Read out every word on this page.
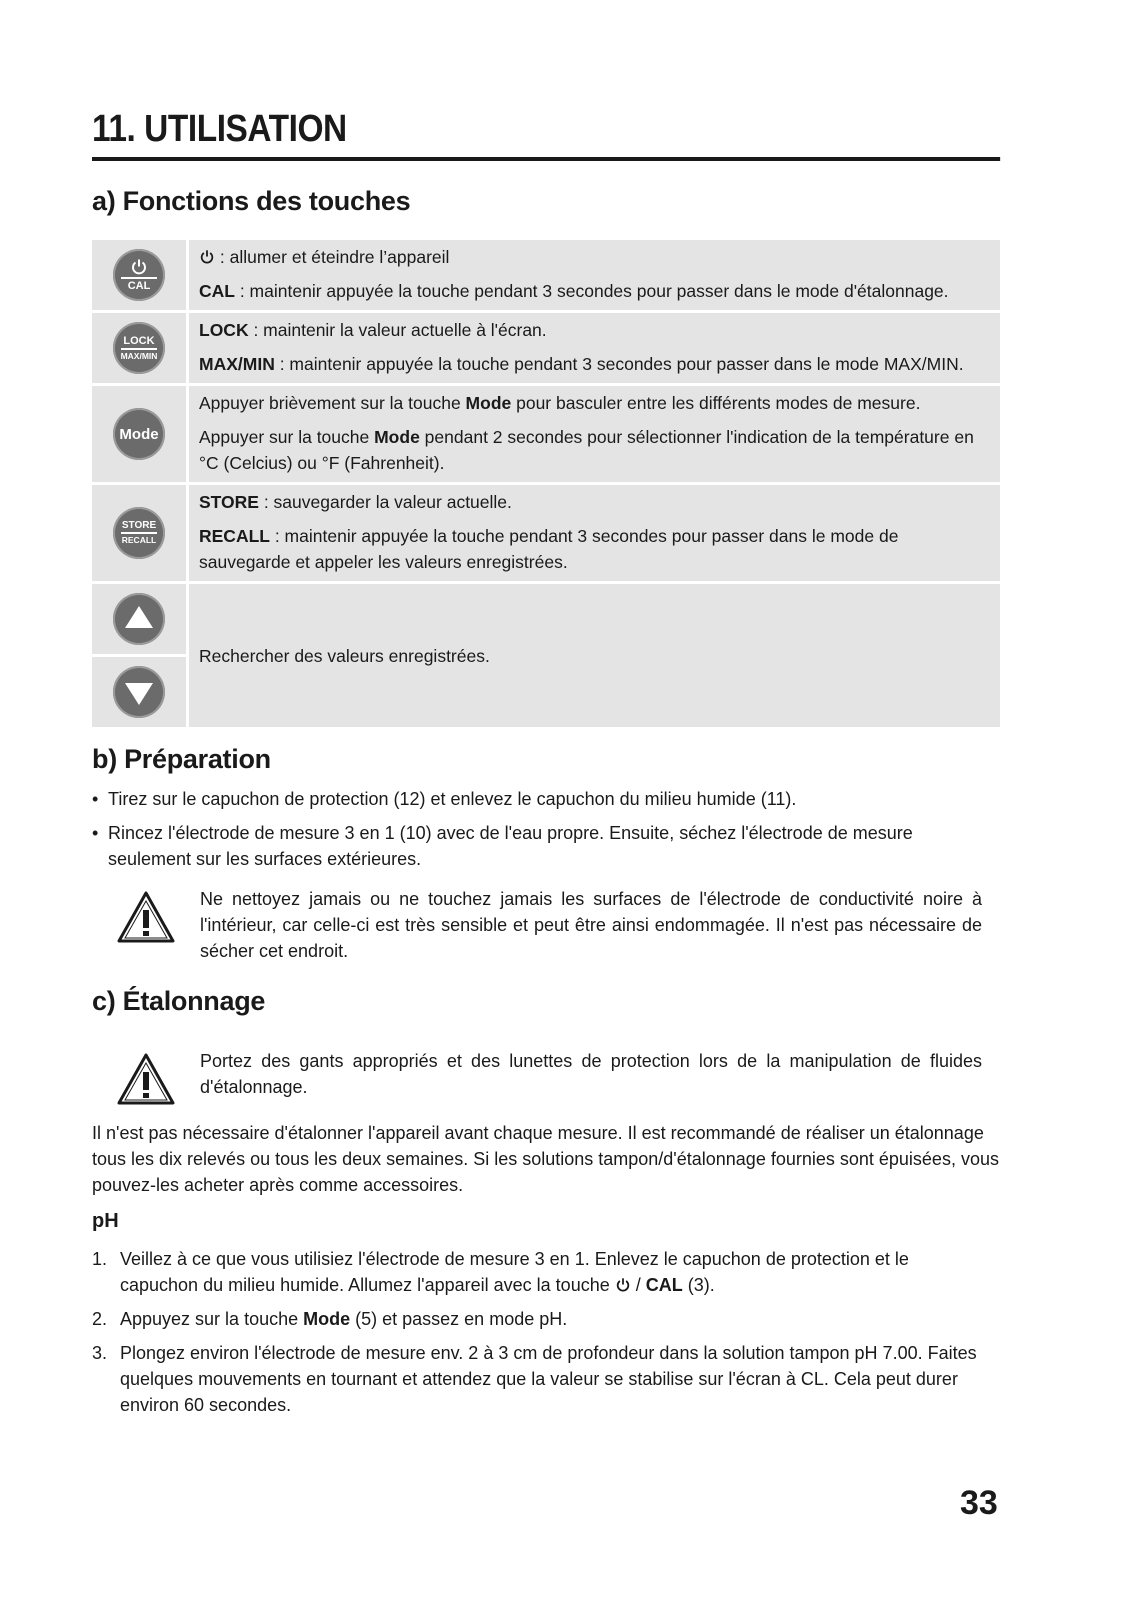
11. UTILISATION
a) Fonctions des touches
CAL

: allumer et éteindre l’appareil

CAL : maintenir appuyée la touche pendant 3 secondes pour passer dans le mode d'étalonnage.

LOCK
MAX/MIN

LOCK : maintenir la valeur actuelle à l'écran.

MAX/MIN : maintenir appuyée la touche pendant 3 secondes pour passer dans le mode MAX/MIN.

Mode

Appuyer brièvement sur la touche Mode pour basculer entre les différents modes de mesure.

Appuyer sur la touche Mode pendant 2 secondes pour sélectionner l'indication de la température en °C (Celcius) ou °F (Fahrenheit).

STORE
RECALL

STORE : sauvegarder la valeur actuelle.

RECALL : maintenir appuyée la touche pendant 3 secondes pour passer dans le mode de sauvegarde et appeler les valeurs enregistrées.

Rechercher des valeurs enregistrées.
b) Préparation
• Tirez sur le capuchon de protection (12) et enlevez le capuchon du milieu humide (11).
• Rincez l'électrode de mesure 3 en 1 (10) avec de l'eau propre. Ensuite, séchez l'électrode de mesure seulement sur les surfaces extérieures.
Ne nettoyez jamais ou ne touchez jamais les surfaces de l'électrode de conductivité noire à l'intérieur, car celle-ci est très sensible et peut être ainsi endommagée. Il n'est pas nécessaire de sécher cet endroit.
c) Étalonnage
Portez des gants appropriés et des lunettes de protection lors de la manipulation de fluides d'étalonnage.
Il n'est pas nécessaire d'étalonner l'appareil avant chaque mesure. Il est recommandé de réaliser un étalonnage tous les dix relevés ou tous les deux semaines. Si les solutions tampon/d'étalonnage fournies sont épuisées, vous pouvez-les acheter après comme accessoires.
pH
1. Veillez à ce que vous utilisiez l'électrode de mesure 3 en 1. Enlevez le capuchon de protection et le capuchon du milieu humide. Allumez l'appareil avec la touche  / CAL (3).
2. Appuyez sur la touche Mode (5) et passez en mode pH.
3. Plongez environ l'électrode de mesure env. 2 à 3 cm de profondeur dans la solution tampon pH 7.00. Faites quelques mouvements en tournant et attendez que la valeur se stabilise sur l'écran à CL. Cela peut durer environ 60 secondes.
33
